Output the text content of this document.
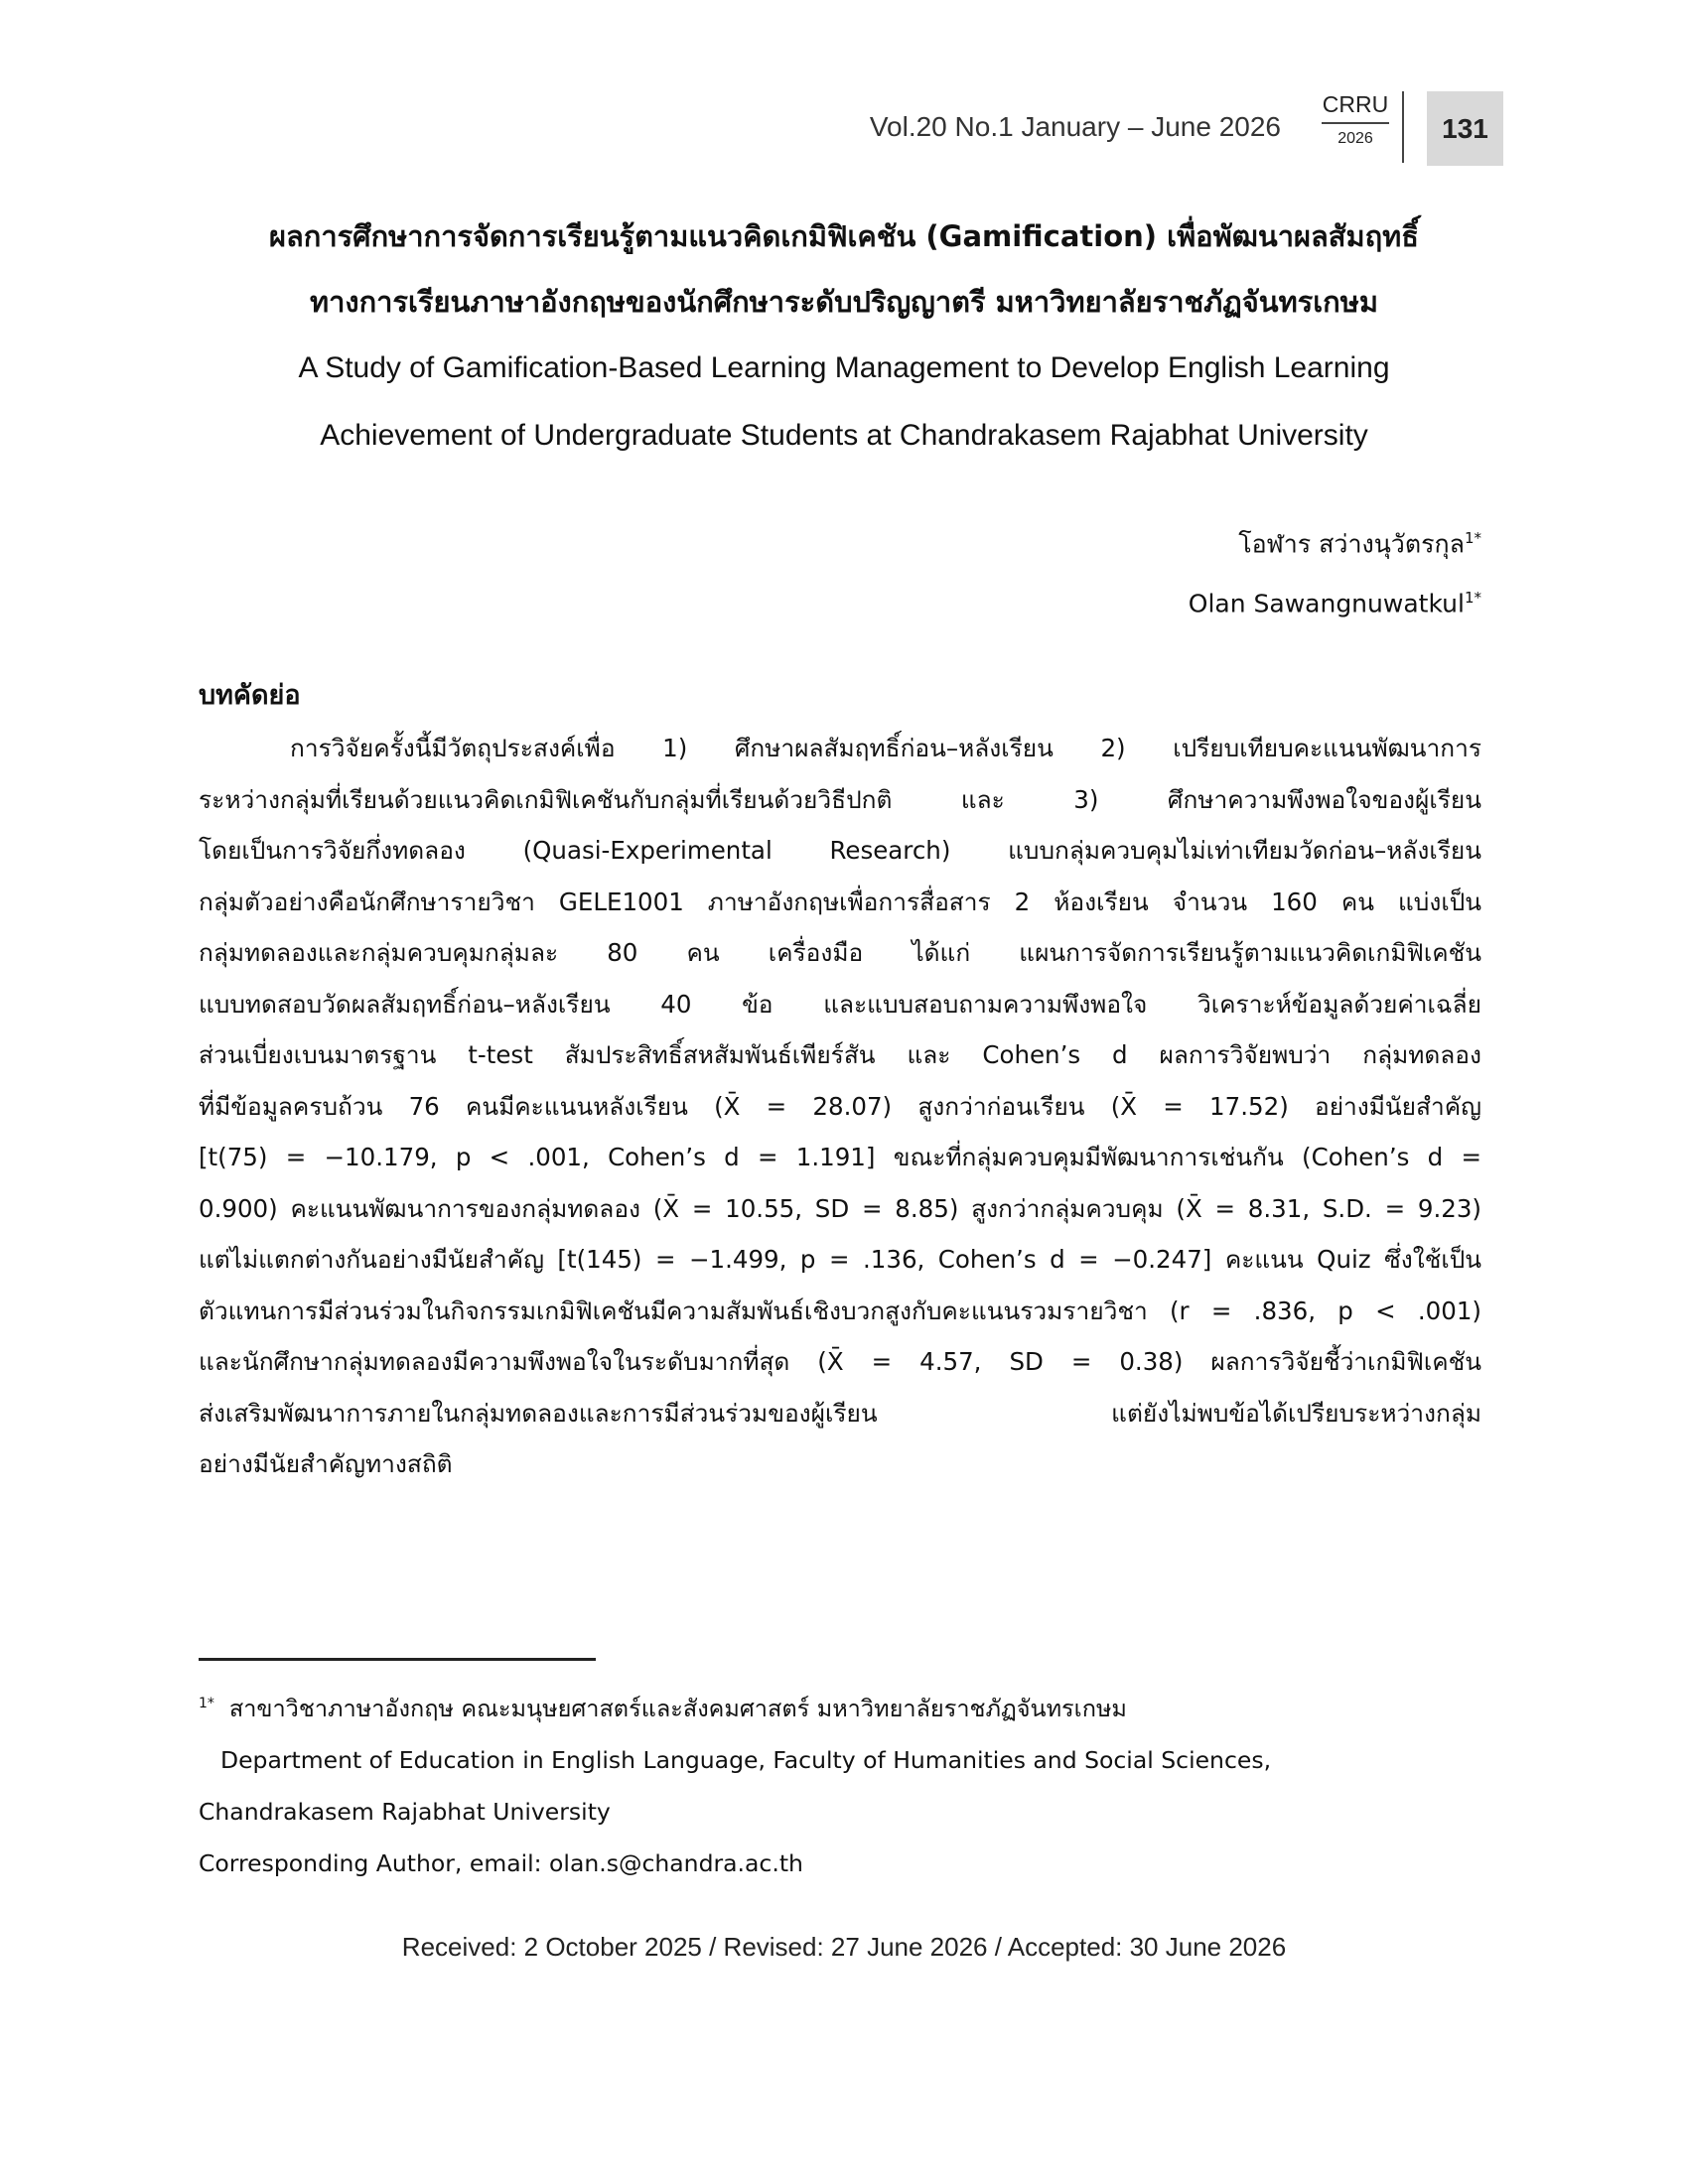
Vol.20 No.1 January – June 2026
CRRU
2026	131
ผลการศึกษาการจัดการเรียนรู้ตามแนวคิดเกมิฟิเคชัน (Gamification) เพื่อพัฒนาผลสัมฤทธิ์
ทางการเรียนภาษาอังกฤษของนักศึกษาระดับปริญญาตรี มหาวิทยาลัยราชภัฏจันทรเกษม
A Study of Gamification-Based Learning Management to Develop English Learning
Achievement of Undergraduate Students at Chandrakasem Rajabhat University
โอฬาร สว่างนุวัตรกุล$^{1*}$
Olan Sawangnuwatkul$^{1*}$
บทคัดย่อ
การวิจัยครั้งนี้มีวัตถุประสงค์เพื่อ 1) ศึกษาผลสัมฤทธิ์ก่อน–หลังเรียน 2) เปรียบเทียบคะแนนพัฒนาการ
ระหว่างกลุ่มที่เรียนด้วยแนวคิดเกมิฟิเคชันกับกลุ่มที่เรียนด้วยวิธีปกติ และ 3) ศึกษาความพึงพอใจของผู้เรียน
โดยเป็นการวิจัยกึ่งทดลอง (Quasi-Experimental Research) แบบกลุ่มควบคุมไม่เท่าเทียมวัดก่อน–หลังเรียน
กลุ่มตัวอย่างคือนักศึกษารายวิชา GELE1001 ภาษาอังกฤษเพื่อการสื่อสาร 2 ห้องเรียน จำนวน 160 คน แบ่งเป็น
กลุ่มทดลองและกลุ่มควบคุมกลุ่มละ 80 คน เครื่องมือ ได้แก่ แผนการจัดการเรียนรู้ตามแนวคิดเกมิฟิเคชัน
แบบทดสอบวัดผลสัมฤทธิ์ก่อน–หลังเรียน 40 ข้อ และแบบสอบถามความพึงพอใจ วิเคราะห์ข้อมูลด้วยค่าเฉลี่ย
ส่วนเบี่ยงเบนมาตรฐาน t-test สัมประสิทธิ์สหสัมพันธ์เพียร์สัน และ Cohen’s d ผลการวิจัยพบว่า กลุ่มทดลอง
ที่มีข้อมูลครบถ้วน 76 คนมีคะแนนหลังเรียน (X̄ = 28.07) สูงกว่าก่อนเรียน (X̄ = 17.52) อย่างมีนัยสำคัญ
[t(75) = −10.179, p < .001, Cohen’s d = 1.191] ขณะที่กลุ่มควบคุมมีพัฒนาการเช่นกัน (Cohen’s d =
0.900) คะแนนพัฒนาการของกลุ่มทดลอง (X̄ = 10.55, SD = 8.85) สูงกว่ากลุ่มควบคุม (X̄ = 8.31, S.D. = 9.23)
แต่ไม่แตกต่างกันอย่างมีนัยสำคัญ [t(145) = −1.499, p = .136, Cohen’s d = −0.247] คะแนน Quiz ซึ่งใช้เป็น
ตัวแทนการมีส่วนร่วมในกิจกรรมเกมิฟิเคชันมีความสัมพันธ์เชิงบวกสูงกับคะแนนรวมรายวิชา (r = .836, p < .001)
และนักศึกษากลุ่มทดลองมีความพึงพอใจในระดับมากที่สุด (X̄ = 4.57, SD = 0.38) ผลการวิจัยชี้ว่าเกมิฟิเคชัน
ส่งเสริมพัฒนาการภายในกลุ่มทดลองและการมีส่วนร่วมของผู้เรียน แต่ยังไม่พบข้อได้เปรียบระหว่างกลุ่ม
อย่างมีนัยสำคัญทางสถิติ
$^{1*}$ สาขาวิชาภาษาอังกฤษ คณะมนุษยศาสตร์และสังคมศาสตร์ มหาวิทยาลัยราชภัฏจันทรเกษม
Department of Education in English Language, Faculty of Humanities and Social Sciences,
Chandrakasem Rajabhat University
Corresponding Author, email: olan.s@chandra.ac.th
Received: 2 October 2025 / Revised: 27 June 2026 / Accepted: 30 June 2026
